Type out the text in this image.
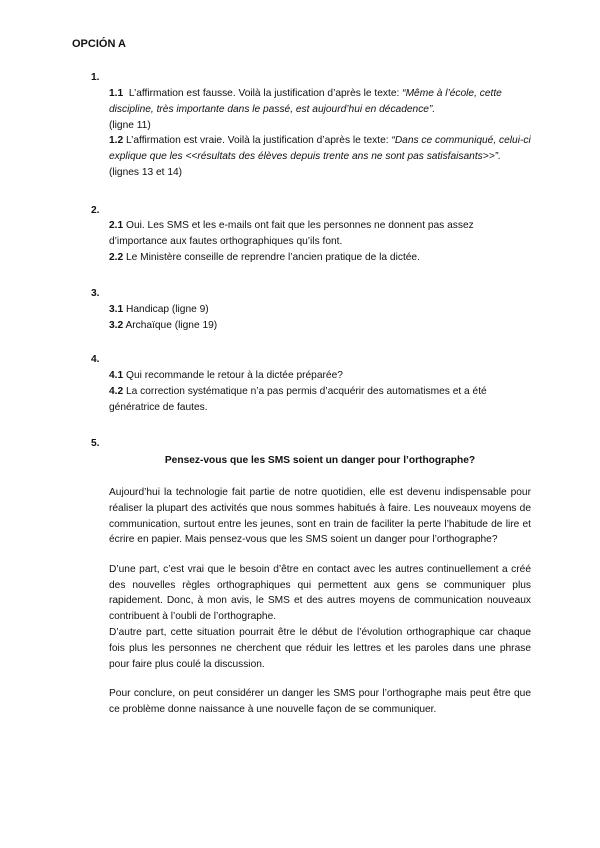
OPCIÓN A
1.

1.1 L’affirmation est fausse. Voilà la justification d’après le texte: “Même à l’école, cette discipline, très importante dans le passé, est aujourd’hui en décadence”.

(ligne 11)

1.2 L’affirmation est vraie. Voilà la justification d’après le texte: “Dans ce communiqué, celui-ci explique que les <<résultats des élèves depuis trente ans ne sont pas satisfaisants>>”.  (lignes 13 et 14)

2.

2.1 Oui. Les SMS et les e-mails ont fait que les personnes ne donnent pas assez d’importance aux fautes orthographiques qu’ils font.

2.2 Le Ministère conseille de reprendre l’ancien pratique de la dictée.

3.

3.1 Handicap (ligne 9)

3.2 Archaïque (ligne 19)

4.

4.1 Qui recommande le retour à la dictée préparée?

4.2 La correction systématique n’a pas permis d’acquérir des automatismes et a été génératrice de fautes.

5.
Pensez-vous que les SMS soient un danger pour l’orthographe?

Aujourd’hui la technologie fait partie de notre quotidien, elle est devenu indispensable pour réaliser la plupart des activités que nous sommes habitués à faire. Les nouveaux moyens de communication, surtout entre les jeunes, sont en train de faciliter la perte l’habitude de lire et écrire en papier. Mais pensez-vous que les SMS soient un danger pour l’orthographe?

D’une part, c’est vrai que le besoin d’être en contact avec les autres continuellement a créé des nouvelles règles orthographiques qui permettent aux gens se communiquer plus rapidement. Donc, à mon avis, le SMS et des autres moyens de communication nouveaux contribuent à l’oubli de l’orthographe.

D’autre part, cette situation pourrait être le début de l’évolution orthographique car chaque fois plus les personnes ne cherchent que réduir les lettres et les paroles dans une phrase pour faire plus coulé la discussion.

Pour conclure, on peut considérer un danger les SMS pour l’orthographe mais peut être que ce problème donne naissance à une nouvelle façon de se communiquer.
